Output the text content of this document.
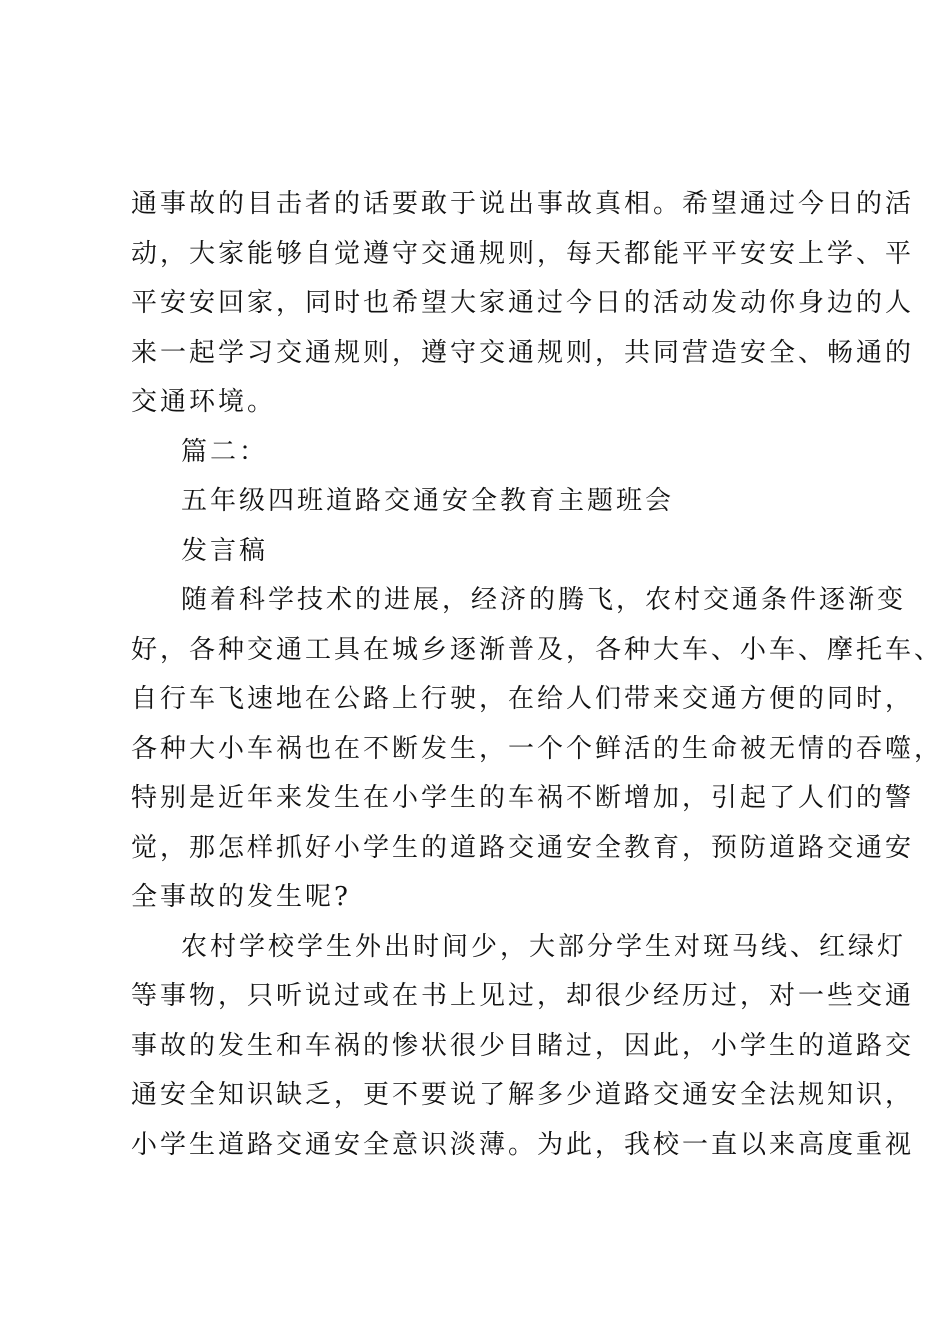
通事故的目击者的话要敢于说出事故真相。希望通过今日的活
动，大家能够自觉遵守交通规则，每天都能平平安安上学、平
平安安回家，同时也希望大家通过今日的活动发动你身边的人
来一起学习交通规则，遵守交通规则，共同营造安全、畅通的
交通环境。
篇二：
五年级四班道路交通安全教育主题班会
发言稿
随着科学技术的进展，经济的腾飞，农村交通条件逐渐变
好，各种交通工具在城乡逐渐普及，各种大车、小车、摩托车、
自行车飞速地在公路上行驶，在给人们带来交通方便的同时，
各种大小车祸也在不断发生，一个个鲜活的生命被无情的吞噬，
特别是近年来发生在小学生的车祸不断增加，引起了人们的警
觉，那怎样抓好小学生的道路交通安全教育，预防道路交通安
全事故的发生呢?
农村学校学生外出时间少，大部分学生对斑马线、红绿灯
等事物，只听说过或在书上见过，却很少经历过，对一些交通
事故的发生和车祸的惨状很少目睹过，因此，小学生的道路交
通安全知识缺乏，更不要说了解多少道路交通安全法规知识，
小学生道路交通安全意识淡薄。为此，我校一直以来高度重视
